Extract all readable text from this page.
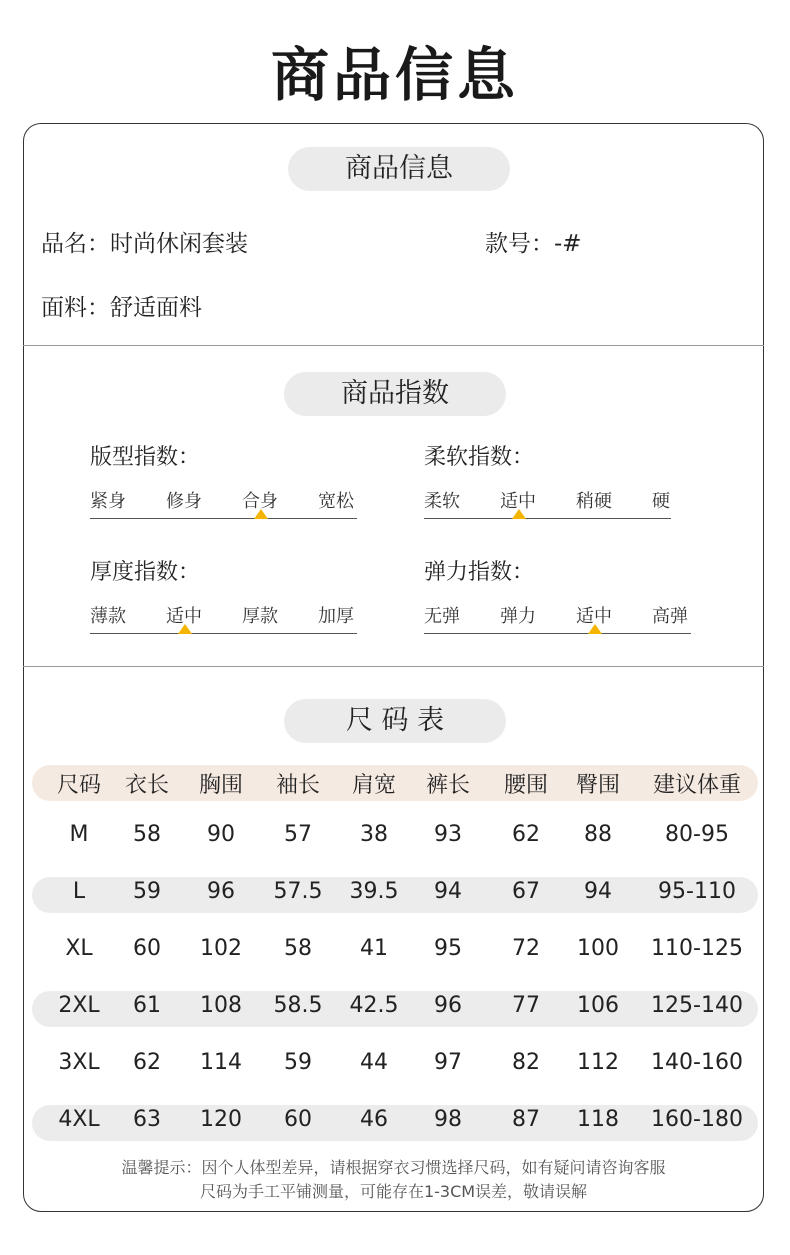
商品信息
商品信息
品名：时尚休闲套装	款号：-#
面料：舒适面料
商品指数
版型指数：
紧身 修身 合身 宽松
柔软指数：
柔软 适中 稍硬 硬
厚度指数：
薄款 适中 厚款 加厚
弹力指数：
无弹 弹力 适中 高弹
尺 码 表
尺码 衣长 胸围 袖长 肩宽 裤长 腰围 臀围 建议体重
M 58 90 57 38 93 62 88 80-95
L 59 96 57.5 39.5 94 67 94 95-110
XL 60 102 58 41 95 72 100 110-125
2XL 61 108 58.5 42.5 96 77 106 125-140
3XL 62 114 59 44 97 82 112 140-160
4XL 63 120 60 46 98 87 118 160-180
温馨提示：因个人体型差异，请根据穿衣习惯选择尺码，如有疑问请咨询客服
尺码为手工平铺测量，可能存在1-3CM误差，敬请误解
